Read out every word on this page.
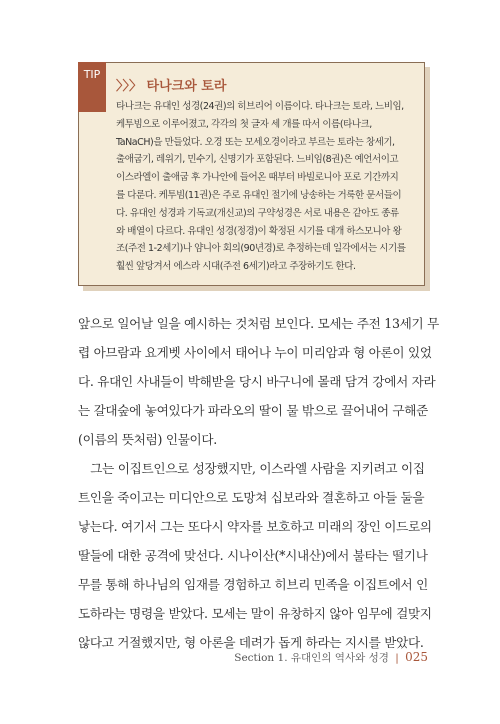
TIP
〉〉〉 타나크와 토라
타나크는 유대인 성경(24권)의 히브리어 이름이다. 타나크는 토라, 느비임,
케투빔으로 이루어졌고, 각각의 첫 글자 세 개를 따서 이름(타나크,
TaNaCH)을 만들었다. 오경 또는 모세오경이라고 부르는 토라는 창세기,
출애굽기, 레위기, 민수기, 신명기가 포함된다. 느비임(8권)은 예언서이고
이스라엘이 출애굽 후 가나안에 들어온 때부터 바빌로니아 포로 기간까지
를 다룬다. 케투빔(11권)은 주로 유대인 절기에 낭송하는 거룩한 문서들이
다. 유대인 성경과 기독교(개신교)의 구약성경은 서로 내용은 같아도 종류
와 배열이 다르다. 유대인 성경(정경)이 확정된 시기를 대개 하스모니아 왕
조(주전 1-2세기)나 얌니아 회의(90년경)로 추정하는데 일각에서는 시기를
훨씬 앞당겨서 에스라 시대(주전 6세기)라고 주장하기도 한다.
앞으로 일어날 일을 예시하는 것처럼 보인다. 모세는 주전 13세기 무
렵 아므람과 요게벳 사이에서 태어나 누이 미리암과 형 아론이 있었
다. 유대인 사내들이 박해받을 당시 바구니에 몰래 담겨 강에서 자라
는 갈대숲에 놓여있다가 파라오의 딸이 물 밖으로 끌어내어 구해준
(이름의 뜻처럼) 인물이다.
　그는 이집트인으로 성장했지만, 이스라엘 사람을 지키려고 이집
트인을 죽이고는 미디안으로 도망쳐 십보라와 결혼하고 아들 둘을
낳는다. 여기서 그는 또다시 약자를 보호하고 미래의 장인 이드로의
딸들에 대한 공격에 맞선다. 시나이산(*시내산)에서 불타는 떨기나
무를 통해 하나님의 임재를 경험하고 히브리 민족을 이집트에서 인
도하라는 명령을 받았다. 모세는 말이 유창하지 않아 임무에 걸맞지
않다고 거절했지만, 형 아론을 데려가 돕게 하라는 지시를 받았다.
Section 1. 유대인의 역사와 성경 | 025
